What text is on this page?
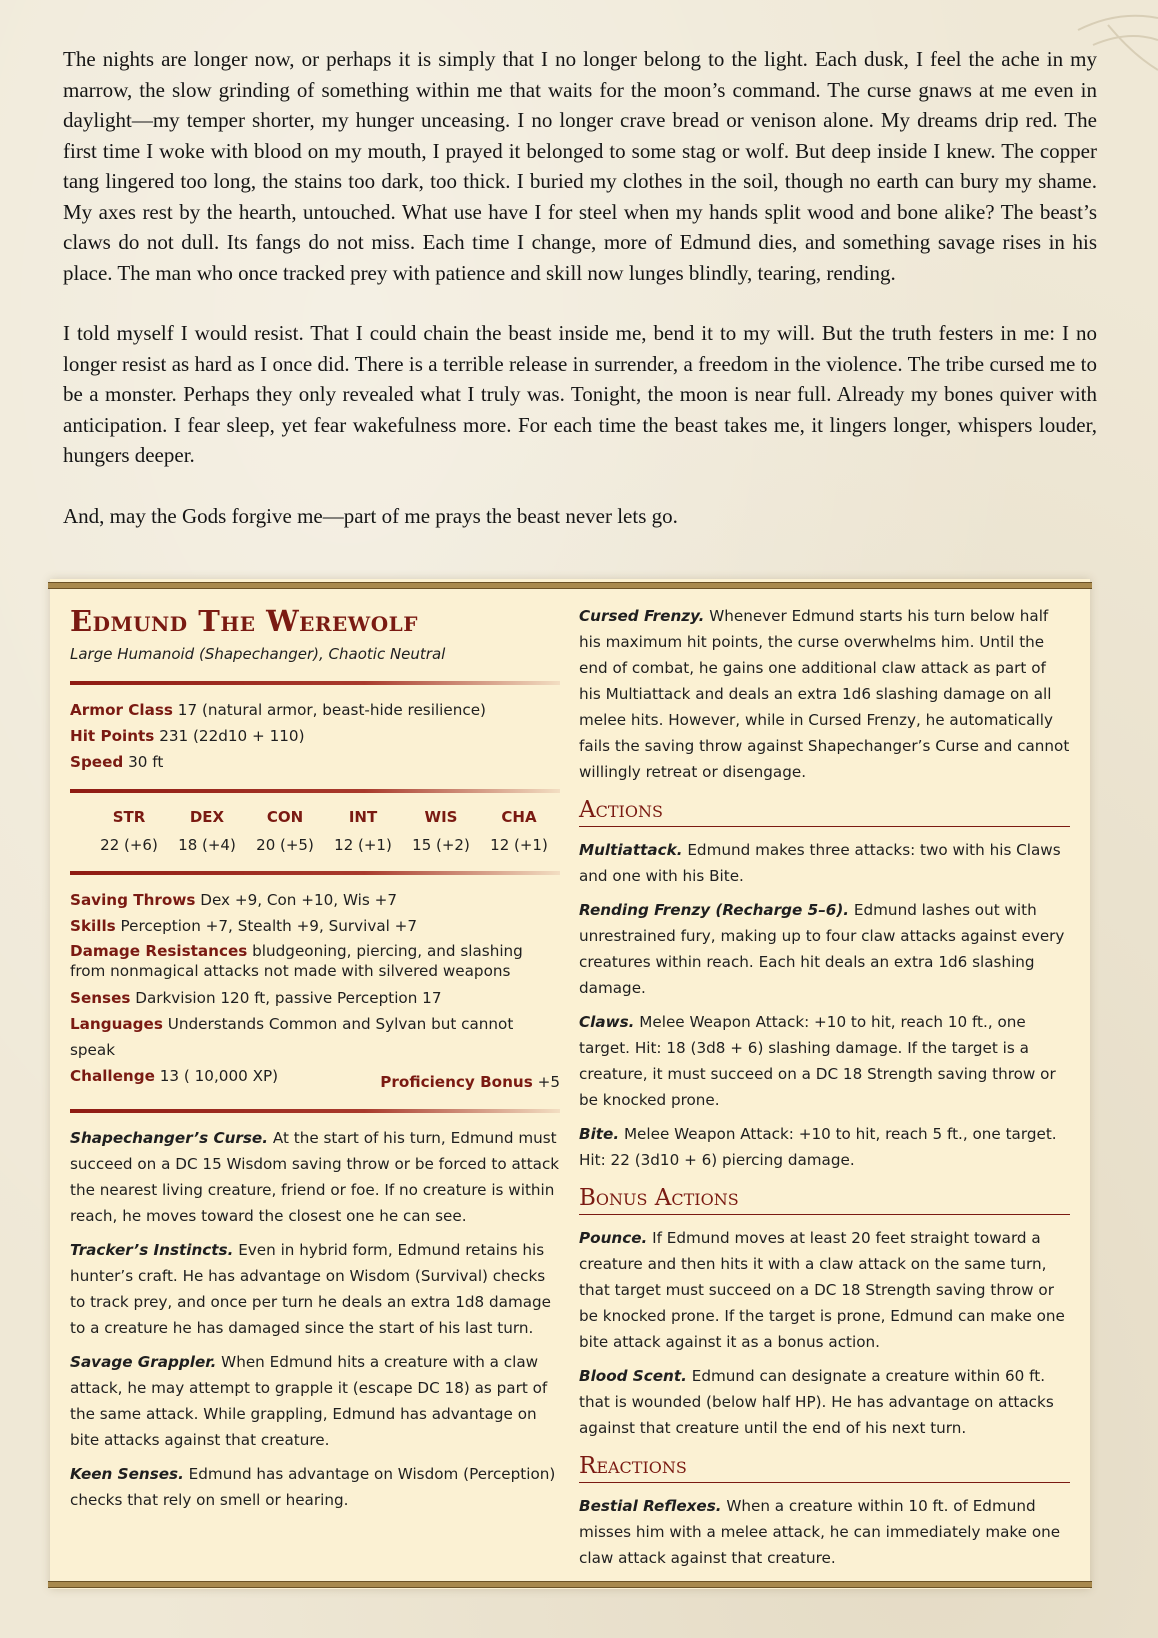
The nights are longer now, or perhaps it is simply that I no longer belong to the light. Each dusk, I feel the ache in my marrow, the slow grinding of something within me that waits for the moon’s command. The curse gnaws at me even in daylight—my temper shorter, my hunger unceasing. I no longer crave bread or venison alone. My dreams drip red. The first time I woke with blood on my mouth, I prayed it belonged to some stag or wolf. But deep inside I knew. The copper tang lingered too long, the stains too dark, too thick. I buried my clothes in the soil, though no earth can bury my shame. My axes rest by the hearth, untouched. What use have I for steel when my hands split wood and bone alike? The beast’s claws do not dull. Its fangs do not miss. Each time I change, more of Edmund dies, and something savage rises in his place. The man who once tracked prey with patience and skill now lunges blindly, tearing, rending.

I told myself I would resist. That I could chain the beast inside me, bend it to my will. But the truth festers in me: I no longer resist as hard as I once did. There is a terrible release in surrender, a freedom in the violence. The tribe cursed me to be a monster. Perhaps they only revealed what I truly was. Tonight, the moon is near full. Already my bones quiver with anticipation. I fear sleep, yet fear wakefulness more. For each time the beast takes me, it lingers longer, whispers louder, hungers deeper.

And, may the Gods forgive me—part of me prays the beast never lets go.

Edmund The Werewolf
Large Humanoid (Shapechanger), Chaotic Neutral
Armor Class 17 (natural armor, beast-hide resilience)
Hit Points 231 (22d10 + 110)
Speed 30 ft
STR
22 (+6)
DEX
18 (+4)
CON
20 (+5)
INT
12 (+1)
WIS
15 (+2)
CHA
12 (+1)
Saving Throws Dex +9, Con +10, Wis +7
Skills Perception +7, Stealth +9, Survival +7
Damage Resistances bludgeoning, piercing, and slashing from nonmagical attacks not made with silvered weapons
Senses Darkvision 120 ft, passive Perception 17
Languages Understands Common and Sylvan but cannot speak
Challenge 13 ( 10,000 XP)	Proficiency Bonus +5
Shapechanger’s Curse. At the start of his turn, Edmund must succeed on a DC 15 Wisdom saving throw or be forced to attack the nearest living creature, friend or foe. If no creature is within reach, he moves toward the closest one he can see.
Tracker’s Instincts. Even in hybrid form, Edmund retains his hunter’s craft. He has advantage on Wisdom (Survival) checks to track prey, and once per turn he deals an extra 1d8 damage to a creature he has damaged since the start of his last turn.
Savage Grappler. When Edmund hits a creature with a claw attack, he may attempt to grapple it (escape DC 18) as part of the same attack. While grappling, Edmund has advantage on bite attacks against that creature.
Keen Senses. Edmund has advantage on Wisdom (Perception) checks that rely on smell or hearing.
Cursed Frenzy. Whenever Edmund starts his turn below half his maximum hit points, the curse overwhelms him. Until the end of combat, he gains one additional claw attack as part of his Multiattack and deals an extra 1d6 slashing damage on all melee hits. However, while in Cursed Frenzy, he automatically fails the saving throw against Shapechanger’s Curse and cannot willingly retreat or disengage.
Actions
Multiattack. Edmund makes three attacks: two with his Claws and one with his Bite.
Rending Frenzy (Recharge 5–6). Edmund lashes out with unrestrained fury, making up to four claw attacks against every creatures within reach. Each hit deals an extra 1d6 slashing damage.
Claws. Melee Weapon Attack: +10 to hit, reach 10 ft., one target. Hit: 18 (3d8 + 6) slashing damage. If the target is a creature, it must succeed on a DC 18 Strength saving throw or be knocked prone.
Bite. Melee Weapon Attack: +10 to hit, reach 5 ft., one target. Hit: 22 (3d10 + 6) piercing damage.
Bonus Actions
Pounce. If Edmund moves at least 20 feet straight toward a creature and then hits it with a claw attack on the same turn, that target must succeed on a DC 18 Strength saving throw or be knocked prone. If the target is prone, Edmund can make one bite attack against it as a bonus action.
Blood Scent. Edmund can designate a creature within 60 ft. that is wounded (below half HP). He has advantage on attacks against that creature until the end of his next turn.
Reactions
Bestial Reflexes. When a creature within 10 ft. of Edmund misses him with a melee attack, he can immediately make one claw attack against that creature.
